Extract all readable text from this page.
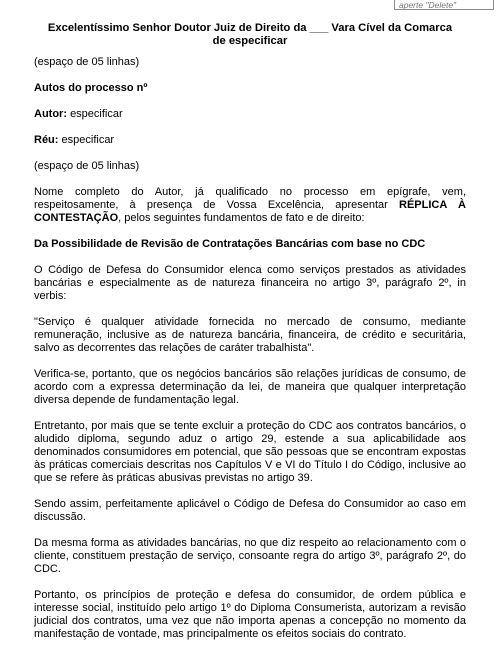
aperte "Delete"
Excelentíssimo Senhor Doutor Juiz de Direito da ___ Vara Cível da Comarca
de especificar
(espaço de 05 linhas)
Autos do processo nº
Autor: especificar
Réu: especificar
(espaço de 05 linhas)
Nome completo do Autor, já qualificado no processo em epígrafe, vem, respeitosamente, à presença de Vossa Excelência, apresentar RÉPLICA À CONTESTAÇÃO, pelos seguintes fundamentos de fato e de direito:
Da Possibilidade de Revisão de Contratações Bancárias com base no CDC
O Código de Defesa do Consumidor elenca como serviços prestados as atividades bancárias e especialmente as de natureza financeira no artigo 3º, parágrafo 2º, in verbis:
"Serviço é qualquer atividade fornecida no mercado de consumo, mediante remuneração, inclusive as de natureza bancária, financeira, de crédito e securitária, salvo as decorrentes das relações de caráter trabalhista".
Verifica-se, portanto, que os negócios bancários são relações jurídicas de consumo, de acordo com a expressa determinação da lei, de maneira que qualquer interpretação diversa depende de fundamentação legal.
Entretanto, por mais que se tente excluir a proteção do CDC aos contratos bancários, o aludido diploma, segundo aduz o artigo 29, estende a sua aplicabilidade aos denominados consumidores em potencial, que são pessoas que se encontram expostas às práticas comerciais descritas nos Capítulos V e VI do Título I do Código, inclusive ao que se refere às práticas abusivas previstas no artigo 39.
Sendo assim, perfeitamente aplicável o Código de Defesa do Consumidor ao caso em discussão.
Da mesma forma as atividades bancárias, no que diz respeito ao relacionamento com o cliente, constituem prestação de serviço, consoante regra do artigo 3º, parágrafo 2º, do CDC.
Portanto, os princípios de proteção e defesa do consumidor, de ordem pública e interesse social, instituído pelo artigo 1º do Diploma Consumerista, autorizam a revisão judicial dos contratos, uma vez que não importa apenas a concepção no momento da manifestação de vontade, mas principalmente os efeitos sociais do contrato.
